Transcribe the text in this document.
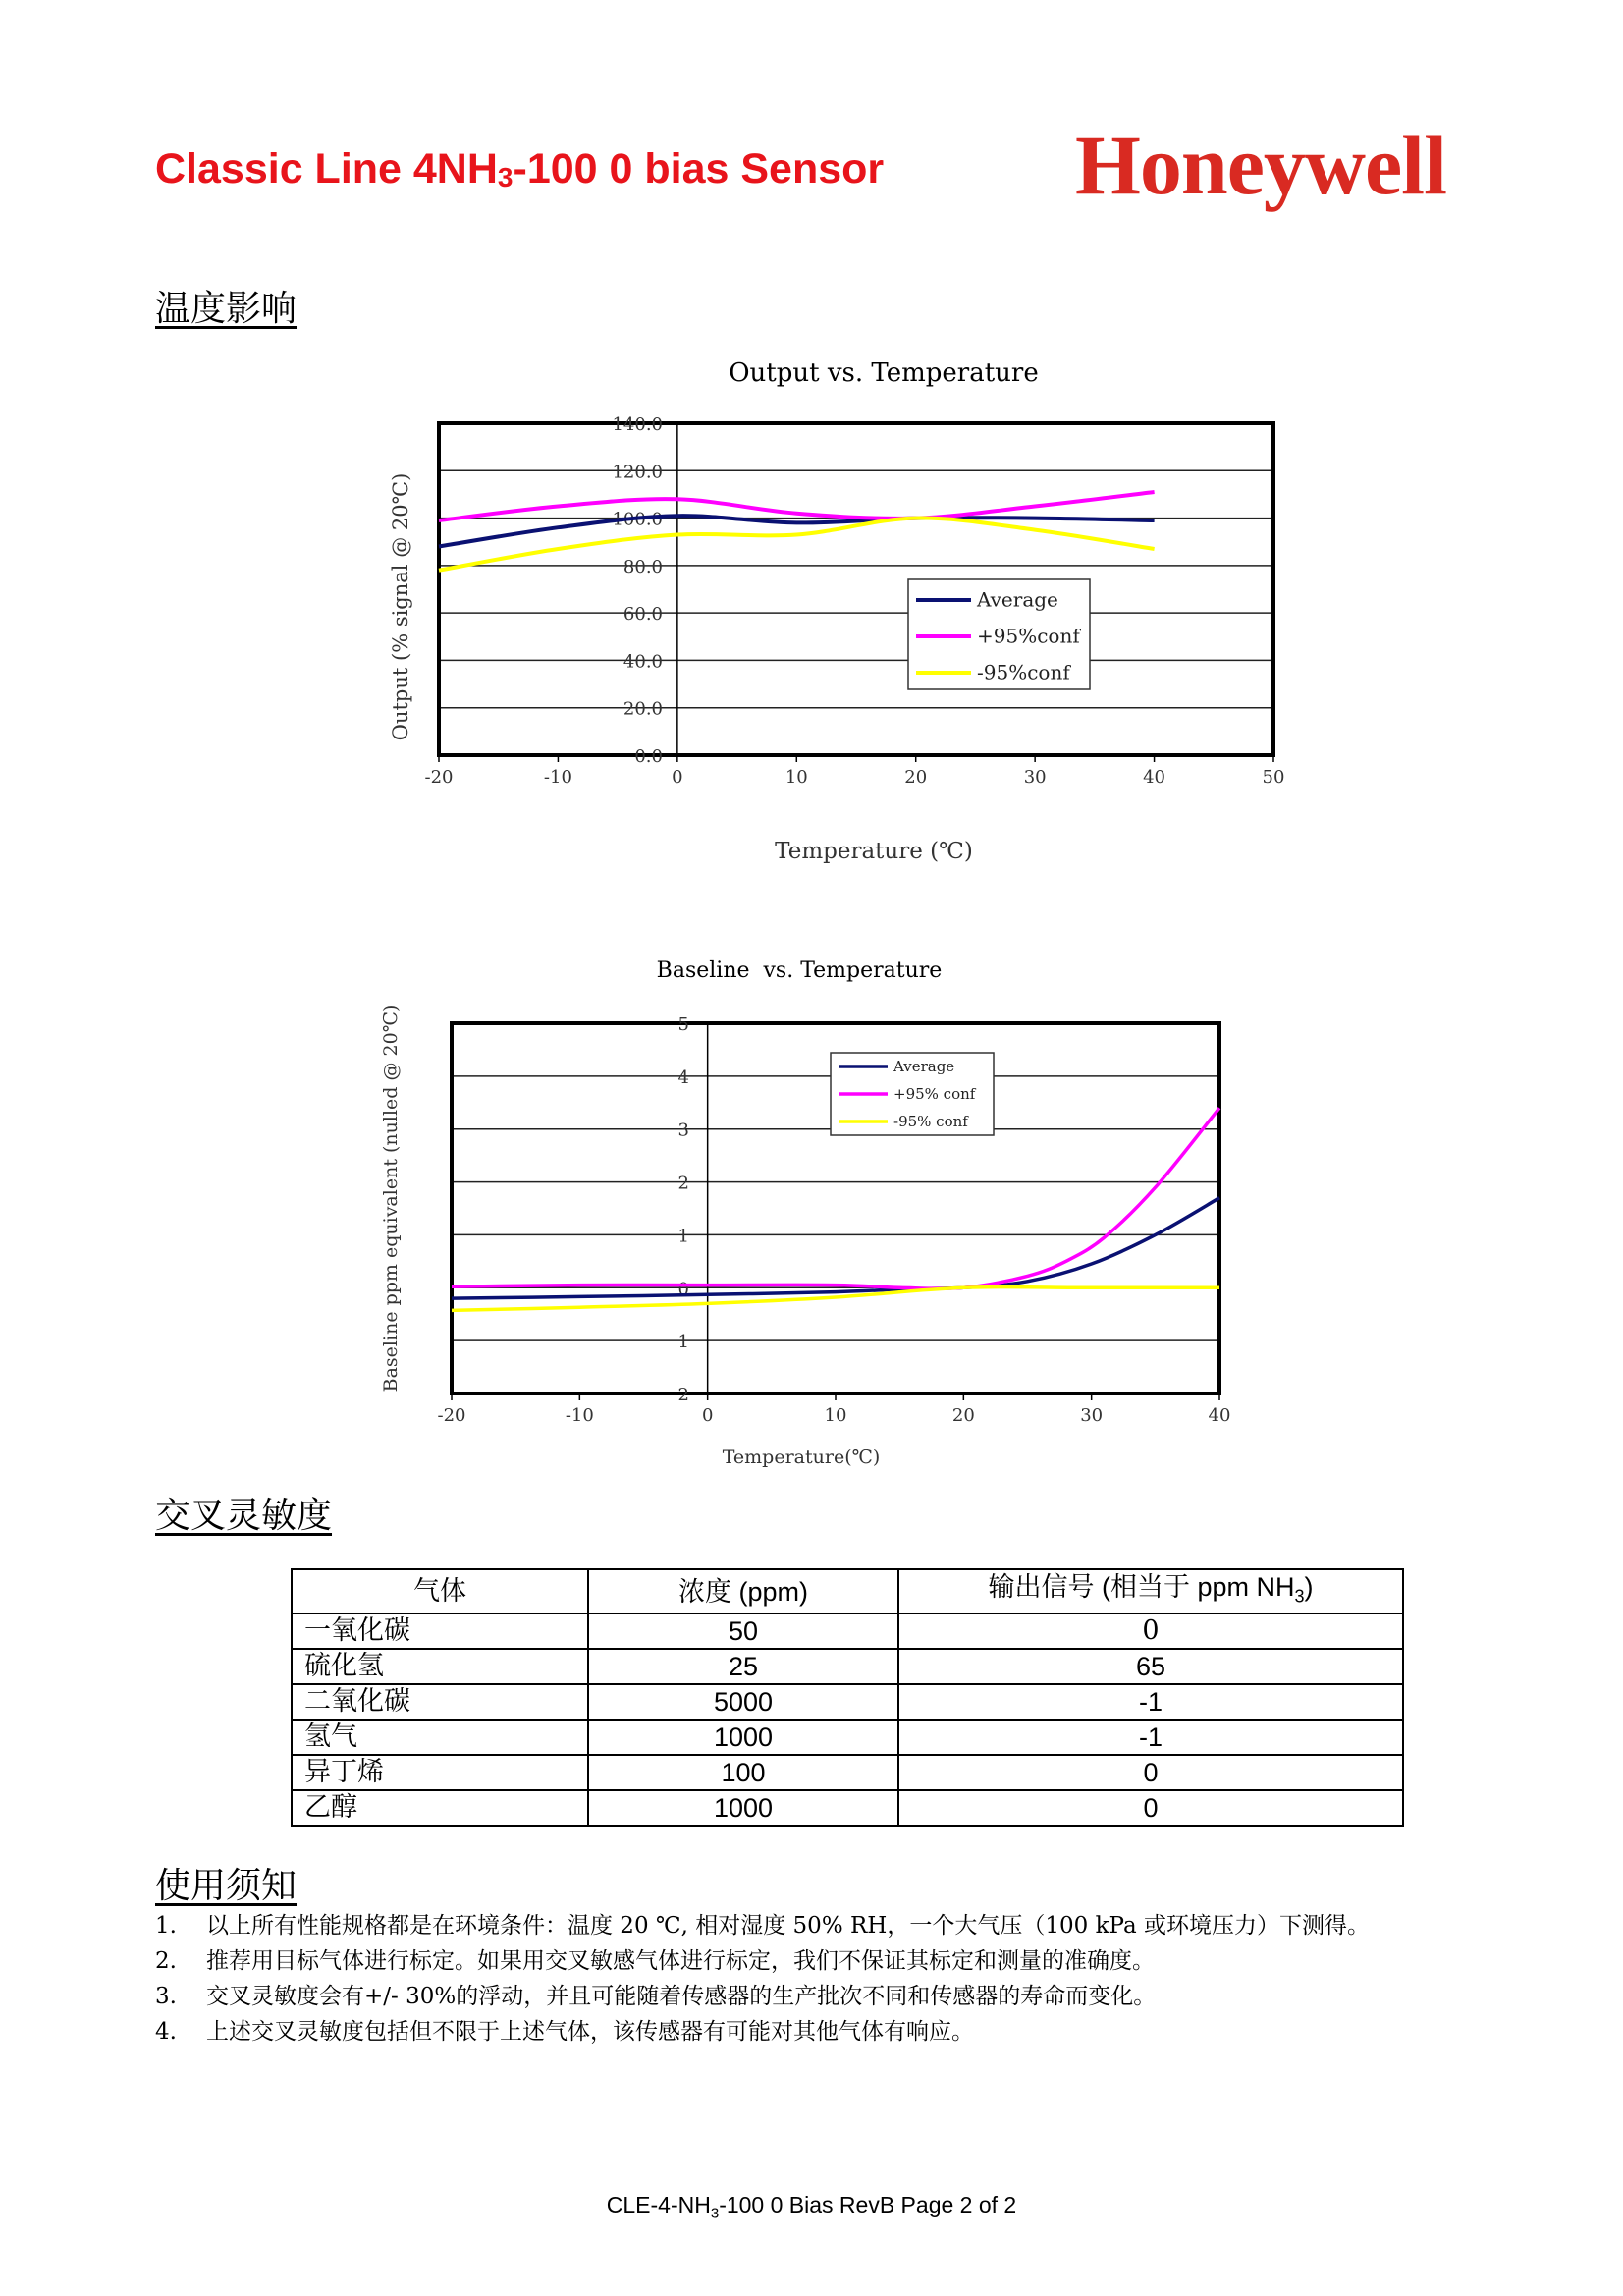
Classic Line $4NH_3-100$ 0 bias Sensor Honeywell
温度影响
Output vs. Temperature
0.0
20.0
40.0
60.0
80.0
100.0
120.0
140.0
-20	-10	0	10	20	30	40	50
Average
+95%conf
-95%conf
Temperature (℃)
Output (% signal @ 20℃)
Baseline  vs. Temperature
2
1
0
1
2
3
4
5
-20	-10	0	10	20	30	40
Average
+95% conf
-95% conf
Temperature(℃)
Baseline ppm equivalent (nulled @ 20℃)
交叉灵敏度
气体	浓度 (ppm)	输出信号 (相当于 ppm $NH_3$)
一氧化碳	50	0
硫化氢	25	65
二氧化碳	5000	-1
氢气	1000	-1
异丁烯	100	0
乙醇	1000	0
使用须知
1.	以上所有性能规格都是在环境条件：温度 20 ℃, 相对湿度 50% RH，一个大气压（100 kPa 或环境压力）下测得。
2.	推荐用目标气体进行标定。如果用交叉敏感气体进行标定，我们不保证其标定和测量的准确度。
3.	交叉灵敏度会有+/- 30%的浮动，并且可能随着传感器的生产批次不同和传感器的寿命而变化。
4.	上述交叉灵敏度包括但不限于上述气体，该传感器有可能对其他气体有响应。
CLE-$4-NH_3-100$ 0 Bias RevB Page 2 of 2
